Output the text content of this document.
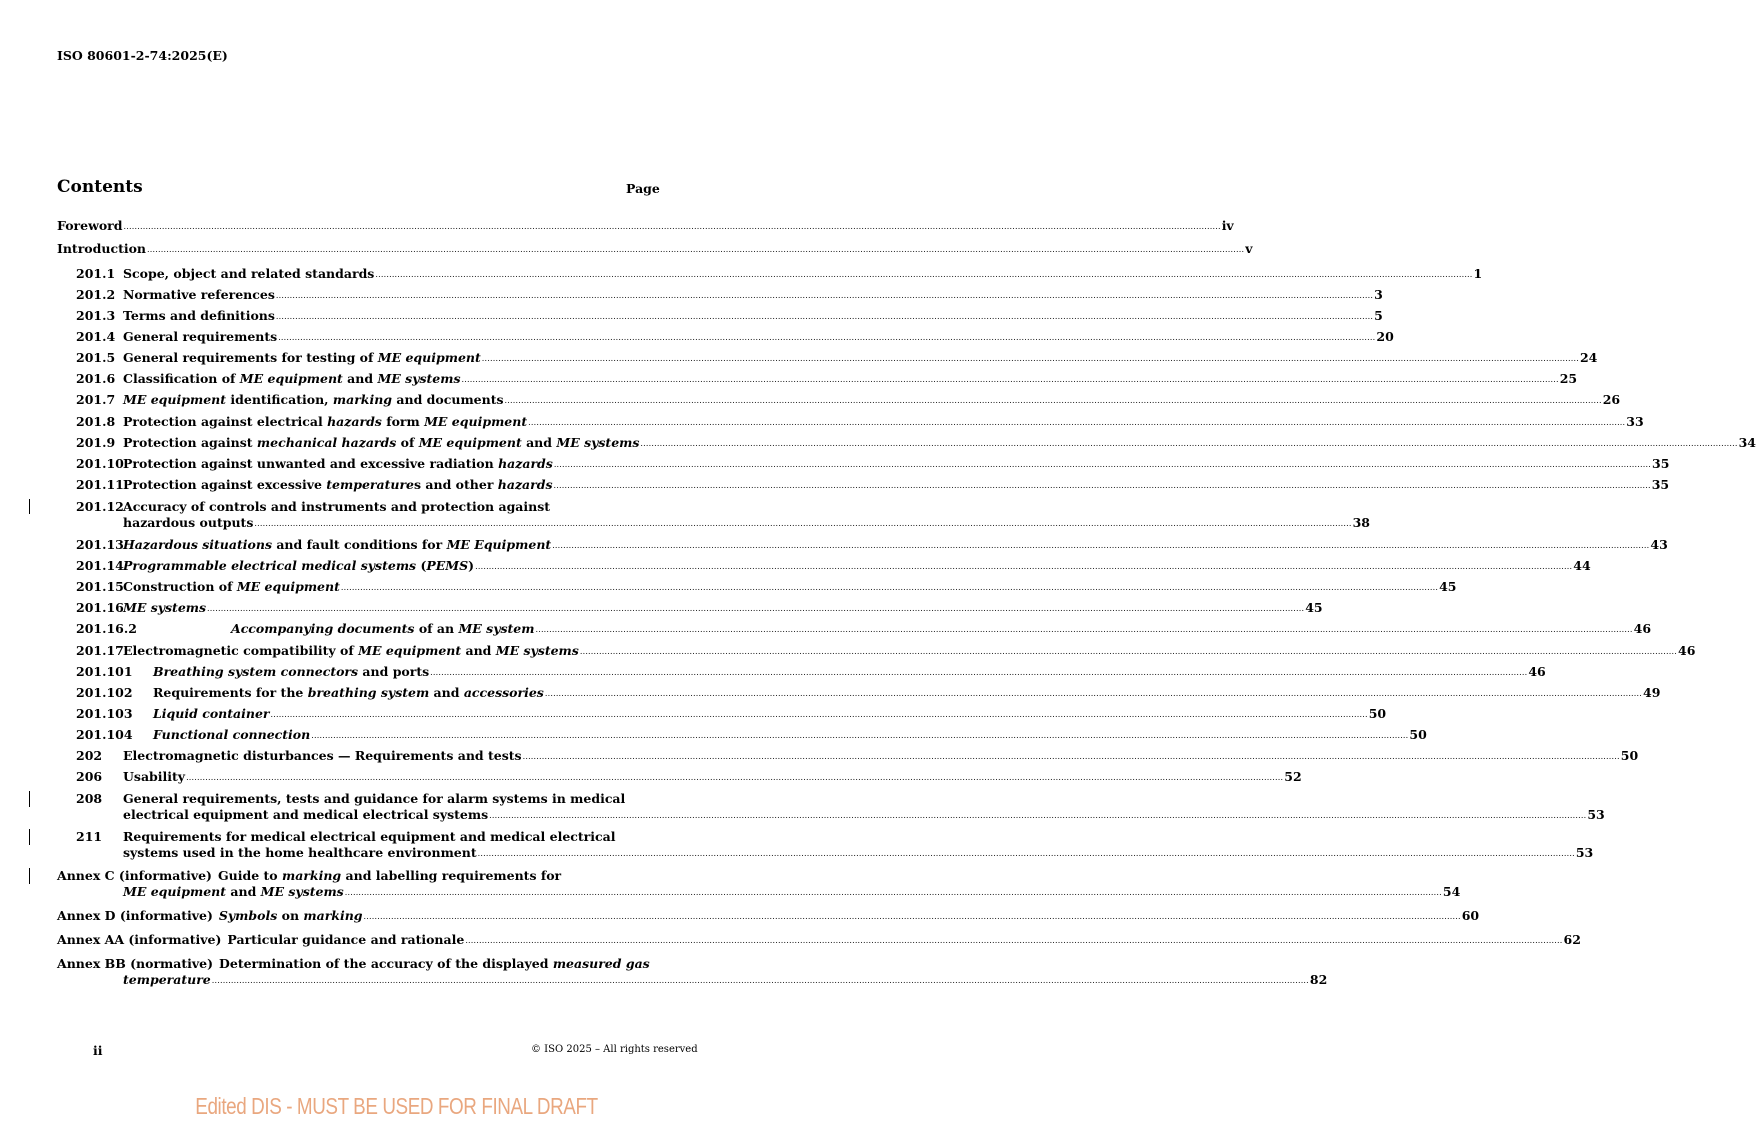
ISO 80601-2-74:2025(E)
Contents	Page
Foreword ................................................................................................................................................................................................................................................................................................................................................................................................................ iv
Introduction ................................................................................................................................................................................................................................................................................................................................................................................................................ v
201.1 Scope, object and related standards ................................................................................................................................................................................................................................................................................................................................................................................................................ 1
201.2 Normative references ................................................................................................................................................................................................................................................................................................................................................................................................................ 3
201.3 Terms and definitions ................................................................................................................................................................................................................................................................................................................................................................................................................ 5
201.4 General requirements ................................................................................................................................................................................................................................................................................................................................................................................................................ 20
201.5 General requirements for testing of ME equipment ................................................................................................................................................................................................................................................................................................................................................................................................................ 24
201.6 Classification of ME equipment and ME systems ................................................................................................................................................................................................................................................................................................................................................................................................................ 25
201.7 ME equipment identification, marking and documents ................................................................................................................................................................................................................................................................................................................................................................................................................ 26
201.8 Protection against electrical hazards form ME equipment ................................................................................................................................................................................................................................................................................................................................................................................................................ 33
201.9 Protection against mechanical hazards of ME equipment and ME systems ................................................................................................................................................................................................................................................................................................................................................................................................................ 34
201.10 Protection against unwanted and excessive radiation hazards ................................................................................................................................................................................................................................................................................................................................................................................................................ 35
201.11 Protection against excessive temperatures and other hazards ................................................................................................................................................................................................................................................................................................................................................................................................................ 35
201.12 Accuracy of controls and instruments and protection against
hazardous outputs ................................................................................................................................................................................................................................................................................................................................................................................................................ 38
201.13 Hazardous situations and fault conditions for ME Equipment ................................................................................................................................................................................................................................................................................................................................................................................................................ 43
201.14 Programmable electrical medical systems (PEMS) ................................................................................................................................................................................................................................................................................................................................................................................................................ 44
201.15 Construction of ME equipment ................................................................................................................................................................................................................................................................................................................................................................................................................ 45
201.16 ME systems ................................................................................................................................................................................................................................................................................................................................................................................................................ 45
201.16.2	Accompanying documents of an ME system ................................................................................................................................................................................................................................................................................................................................................................................................................ 46
201.17 Electromagnetic compatibility of ME equipment and ME systems ................................................................................................................................................................................................................................................................................................................................................................................................................ 46
201.101	Breathing system connectors and ports ................................................................................................................................................................................................................................................................................................................................................................................................................ 46
201.102	Requirements for the breathing system and accessories ................................................................................................................................................................................................................................................................................................................................................................................................................ 49
201.103	Liquid container ................................................................................................................................................................................................................................................................................................................................................................................................................ 50
201.104	Functional connection ................................................................................................................................................................................................................................................................................................................................................................................................................ 50
202	Electromagnetic disturbances — Requirements and tests ................................................................................................................................................................................................................................................................................................................................................................................................................ 50
206	Usability ................................................................................................................................................................................................................................................................................................................................................................................................................ 52
208	General requirements, tests and guidance for alarm systems in medical
electrical equipment and medical electrical systems ................................................................................................................................................................................................................................................................................................................................................................................................................ 53
211	Requirements for medical electrical equipment and medical electrical
systems used in the home healthcare environment ................................................................................................................................................................................................................................................................................................................................................................................................................ 53
Annex C (informative) Guide to marking and labelling requirements for
ME equipment and ME systems ................................................................................................................................................................................................................................................................................................................................................................................................................ 54
Annex D (informative) Symbols on marking ................................................................................................................................................................................................................................................................................................................................................................................................................ 60
Annex AA (informative) Particular guidance and rationale ................................................................................................................................................................................................................................................................................................................................................................................................................ 62
Annex BB (normative) Determination of the accuracy of the displayed measured gas
temperature ................................................................................................................................................................................................................................................................................................................................................................................................................ 82
ii	© ISO 2025 – All rights reserved
Edited DIS - MUST BE USED FOR FINAL DRAFT
